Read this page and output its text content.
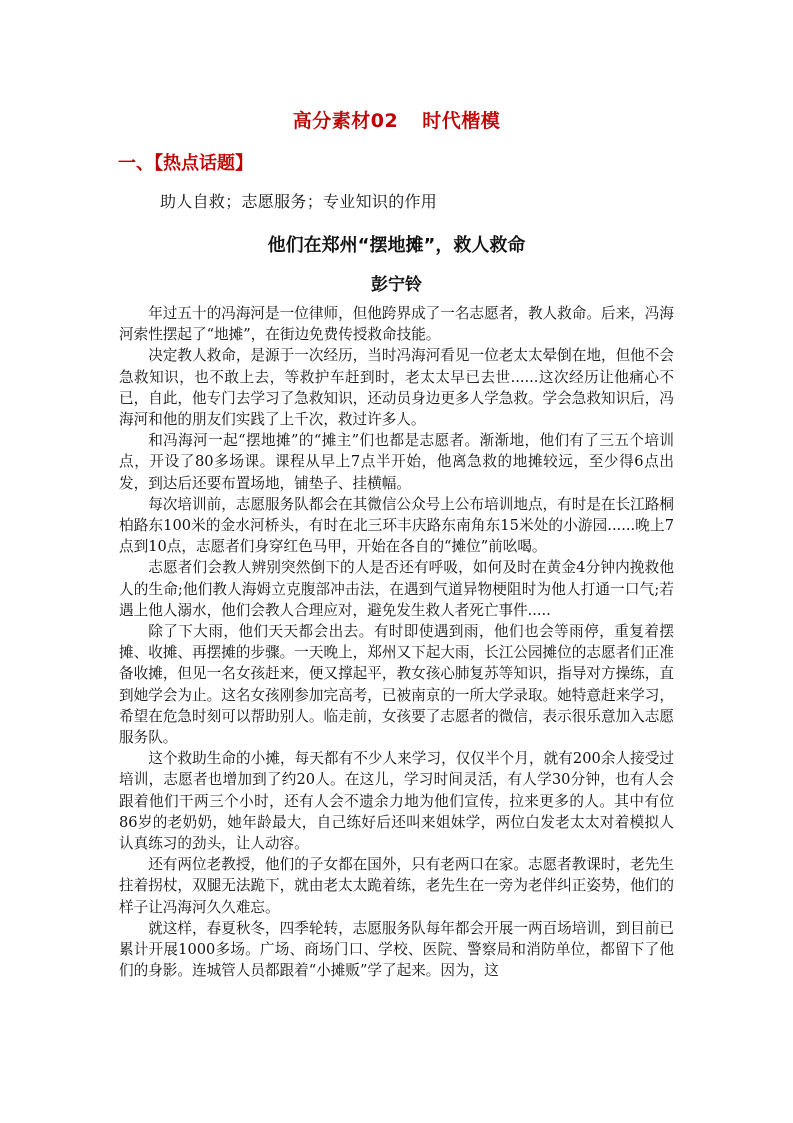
高分素材02 时代楷模
一、【热点话题】
助人自救；志愿服务；专业知识的作用
他们在郑州“摆地摊”，救人救命
彭宁铃

年过五十的冯海河是一位律师，但他跨界成了一名志愿者，教人救命。后来，冯海河索性摆起了“地摊”，在街边免费传授救命技能。

决定教人救命，是源于一次经历，当时冯海河看见一位老太太晕倒在地，但他不会急救知识，也不敢上去，等救护车赶到时，老太太早已去世......这次经历让他痛心不已，自此，他专门去学习了急救知识，还动员身边更多人学急救。学会急救知识后，冯海河和他的朋友们实践了上千次，救过许多人。

和冯海河一起“摆地摊”的“摊主”们也都是志愿者。渐渐地，他们有了三五个培训点，开设了80多场课。课程从早上7点半开始，他离急救的地摊较远，至少得6点出发，到达后还要布置场地，铺垫子、挂横幅。

每次培训前，志愿服务队都会在其微信公众号上公布培训地点，有时是在长江路桐柏路东100米的金水河桥头，有时在北三环丰庆路东南角东15米处的小游园......晚上7点到10点，志愿者们身穿红色马甲，开始在各自的“摊位”前吆喝。

志愿者们会教人辨别突然倒下的人是否还有呼吸，如何及时在黄金4分钟内挽救他人的生命;他们教人海姆立克腹部冲击法，在遇到气道异物梗阻时为他人打通一口气;若遇上他人溺水，他们会教人合理应对，避免发生救人者死亡事件.....

除了下大雨，他们天天都会出去。有时即使遇到雨，他们也会等雨停，重复着摆摊、收摊、再摆摊的步骤。一天晚上，郑州又下起大雨，长江公园摊位的志愿者们正准备收摊，但见一名女孩赶来，便又撑起平，教女孩心肺复苏等知识，指导对方操练，直到她学会为止。这名女孩刚参加完高考，已被南京的一所大学录取。她特意赶来学习，希望在危急时刻可以帮助别人。临走前，女孩要了志愿者的微信，表示很乐意加入志愿服务队。

这个救助生命的小摊，每天都有不少人来学习，仅仅半个月，就有200余人接受过培训，志愿者也增加到了约20人。在这儿，学习时间灵活，有人学30分钟，也有人会跟着他们干两三个小时，还有人会不遗余力地为他们宣传，拉来更多的人。其中有位86岁的老奶奶，她年龄最大，自己练好后还叫来姐妹学，两位白发老太太对着模拟人认真练习的劲头，让人动容。

还有两位老教授，他们的子女都在国外，只有老两口在家。志愿者教课时，老先生拄着拐杖，双腿无法跪下，就由老太太跪着练，老先生在一旁为老伴纠正姿势，他们的样子让冯海河久久难忘。

就这样，春夏秋冬，四季轮转，志愿服务队每年都会开展一两百场培训，到目前已累计开展1000多场。广场、商场门口、学校、医院、警察局和消防单位，都留下了他们的身影。连城管人员都跟着“小摊贩”学了起来。因为，这
